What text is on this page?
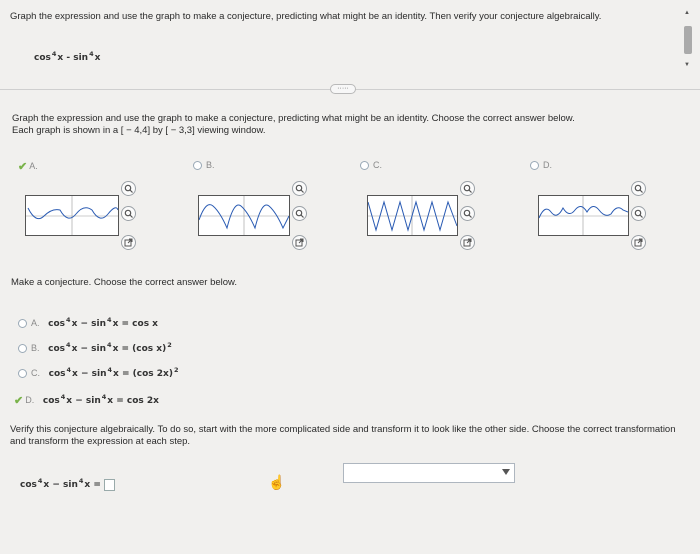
▲
▼
Graph the expression and use the graph to make a conjecture, predicting what might be an identity. Then verify your conjecture algebraically.
$\cos^4x - \sin^4x$
·····
Graph the expression and use the graph to make a conjecture, predicting what might be an identity. Choose the correct answer below.
Each graph is shown in a [ − 4,4] by [ − 3,3] viewing window.
✔ A.	B.	C.	D.
Make a conjecture. Choose the correct answer below.
A. $\cos^4x - \sin^4x = \cos x$
B. $\cos^4x - \sin^4x = (\cos$ x)$^2$
C. $\cos^4x - \sin^4x = (\cos$ 2x)$^2$
✔ D. $\cos^4x - \sin^4x = \cos 2x$
Verify this conjecture algebraically. To do so, start with the more complicated side and transform it to look like the other side. Choose the correct transformation and transform the expression at each step.
$\cos^4x - \sin^4x$ =	☝
